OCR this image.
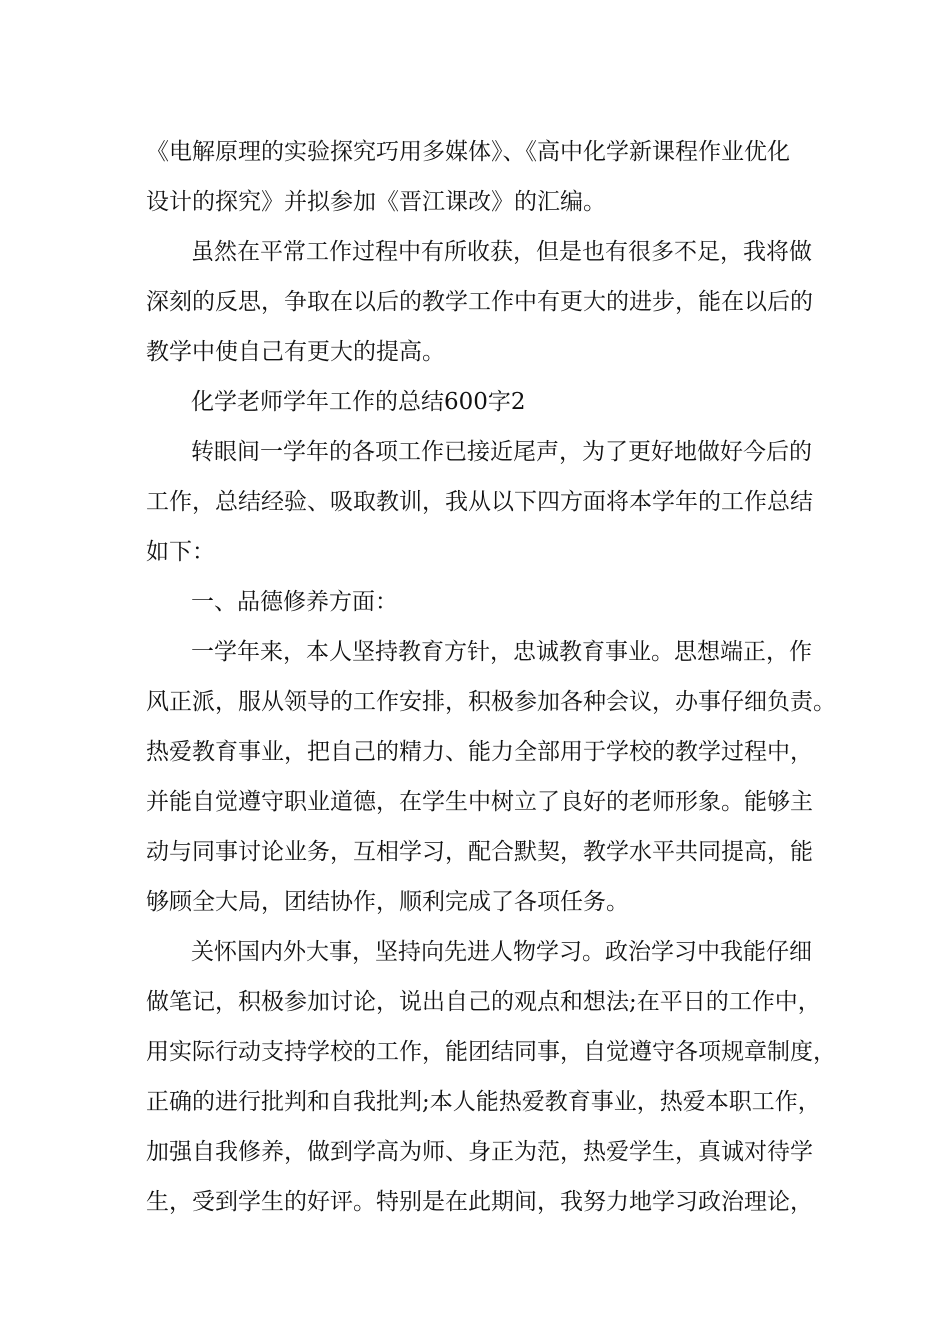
《电解原理的实验探究巧用多媒体》、《高中化学新课程作业优化

设计的探究》并拟参加《晋江课改》的汇编。

虽然在平常工作过程中有所收获，但是也有很多不足，我将做

深刻的反思，争取在以后的教学工作中有更大的进步，能在以后的

教学中使自己有更大的提高。

化学老师学年工作的总结600字2

转眼间一学年的各项工作已接近尾声，为了更好地做好今后的

工作，总结经验、吸取教训，我从以下四方面将本学年的工作总结

如下：

一、品德修养方面：

一学年来，本人坚持教育方针，忠诚教育事业。思想端正，作

风正派，服从领导的工作安排，积极参加各种会议，办事仔细负责。

热爱教育事业，把自己的精力、能力全部用于学校的教学过程中，

并能自觉遵守职业道德，在学生中树立了良好的老师形象。能够主

动与同事讨论业务，互相学习，配合默契，教学水平共同提高，能

够顾全大局，团结协作，顺利完成了各项任务。

关怀国内外大事，坚持向先进人物学习。政治学习中我能仔细

做笔记，积极参加讨论，说出自己的观点和想法;在平日的工作中，

用实际行动支持学校的工作，能团结同事，自觉遵守各项规章制度，

正确的进行批判和自我批判;本人能热爱教育事业，热爱本职工作，

加强自我修养，做到学高为师、身正为范，热爱学生，真诚对待学

生，受到学生的好评。特别是在此期间，我努力地学习政治理论，
